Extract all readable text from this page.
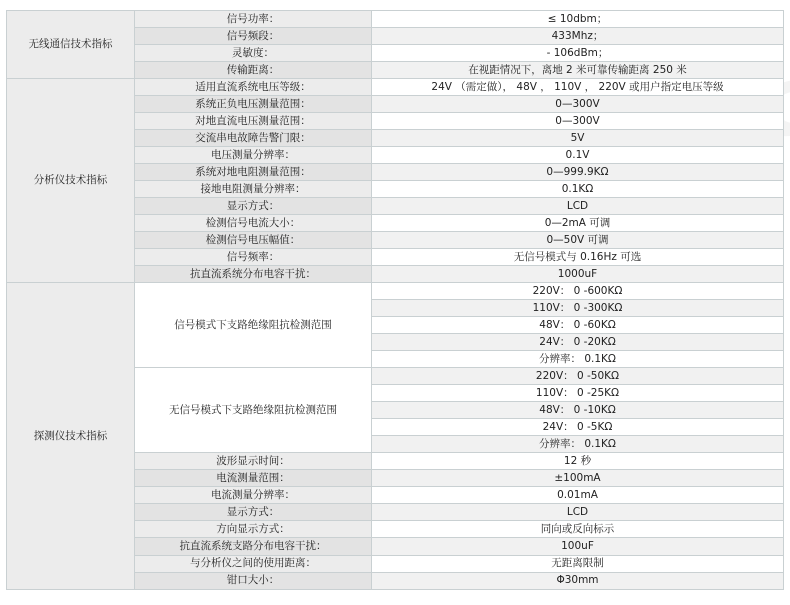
无线通信技术指标	信号功率：	≤ 10dbm；
	信号频段：	433Mhz；
	灵敏度：	- 106dBm；
	传输距离：	在视距情况下，离地 2 米可靠传输距离 250 米
分析仪技术指标	适用直流系统电压等级：	24V （需定做）， 48V ， 110V ， 220V 或用户指定电压等级
	系统正负电压测量范围：	0—300V
	对地直流电压测量范围：	0—300V
	交流串电故障告警门限：	5V
	电压测量分辨率：	0.1V
	系统对地电阻测量范围：	0—999.9KΩ
	接地电阻测量分辨率：	0.1KΩ
	显示方式：	LCD
	检测信号电流大小：	0—2mA 可调
	检测信号电压幅值：	0—50V 可调
	信号频率：	无信号模式与 0.16Hz 可选
	抗直流系统分布电容干扰：	1000uF
探测仪技术指标	信号模式下支路绝缘阻抗检测范围	220V： 0 -600KΩ
		110V： 0 -300KΩ
		48V： 0 -60KΩ
		24V： 0 -20KΩ
		分辨率： 0.1KΩ
	无信号模式下支路绝缘阻抗检测范围	220V： 0 -50KΩ
		110V： 0 -25KΩ
		48V： 0 -10KΩ
		24V： 0 -5KΩ
		分辨率： 0.1KΩ
	波形显示时间：	12 秒
	电流测量范围：	±100mA
	电流测量分辨率：	0.01mA
	显示方式：	LCD
	方向显示方式：	同向或反向标示
	抗直流系统支路分布电容干扰：	100uF
	与分析仪之间的使用距离：	无距离限制
	钳口大小：	Φ30mm
